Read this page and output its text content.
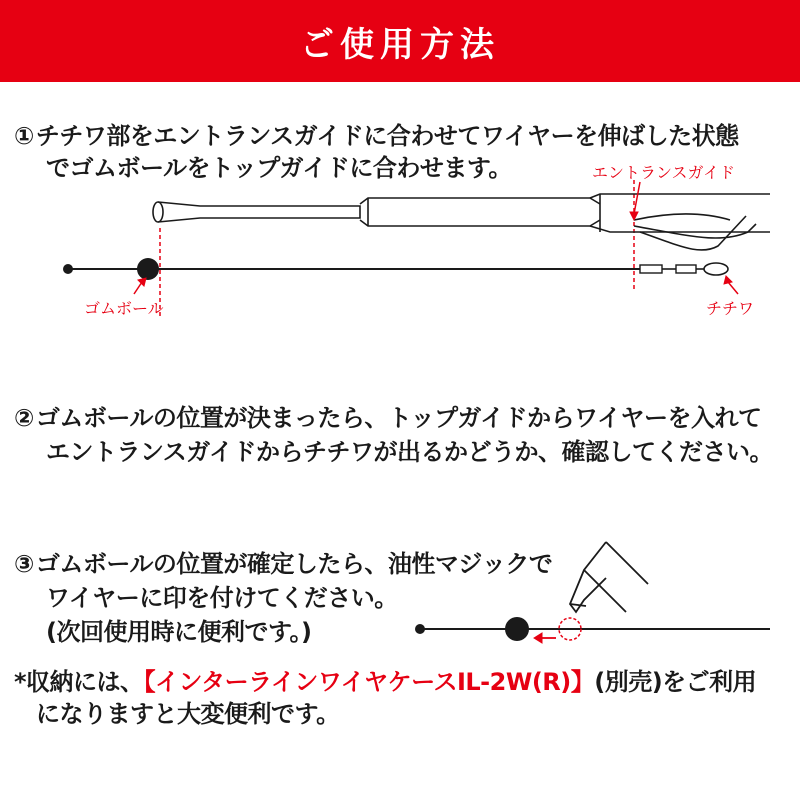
ご使用方法
①チチワ部をエントランスガイドに合わせてワイヤーを伸ばした状態
でゴムボールをトップガイドに合わせます。	エントランスガイド
ゴムボール	チチワ
②ゴムボールの位置が決まったら、トップガイドからワイヤーを入れて
エントランスガイドからチチワが出るかどうか、確認してください。
③ゴムボールの位置が確定したら、油性マジックで
ワイヤーに印を付けてください。
(次回使用時に便利です。)
*収納には、【インターラインワイヤケースIL-2W(R)】(別売)をご利用
になりますと大変便利です。
